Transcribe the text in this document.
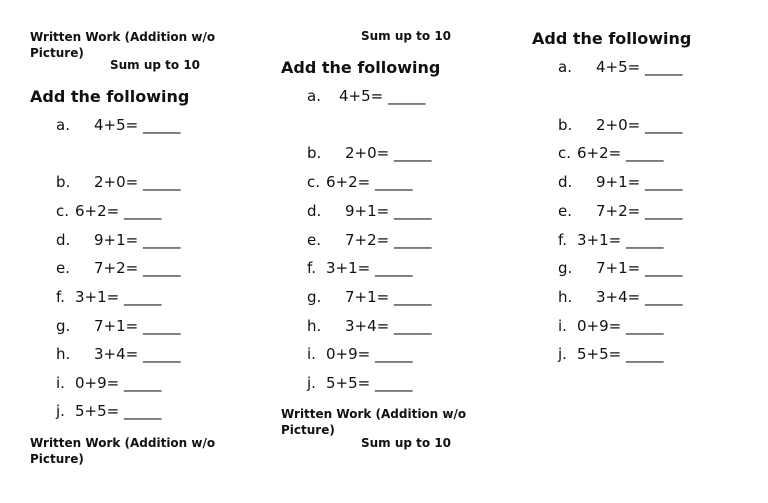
Written Work (Addition w/o Picture)
Sum up to 10
Add the following
a. 4+5= _____
b. 2+0= _____
c. 6+2= _____
d. 9+1= _____
e. 7+2= _____
f. 3+1= _____
g. 7+1= _____
h. 3+4= _____
i. 0+9= _____
j. 5+5= _____
Written Work (Addition w/o Picture)
Sum up to 10
Add the following
a. 4+5= _____
b. 2+0= _____
c. 6+2= _____
d. 9+1= _____
e. 7+2= _____
f. 3+1= _____
g. 7+1= _____
h. 3+4= _____
i. 0+9= _____
j. 5+5= _____
Written Work (Addition w/o Picture)
Sum up to 10
Add the following
a. 4+5= _____
b. 2+0= _____
c. 6+2= _____
d. 9+1= _____
e. 7+2= _____
f. 3+1= _____
g. 7+1= _____
h. 3+4= _____
i. 0+9= _____
j. 5+5= _____
